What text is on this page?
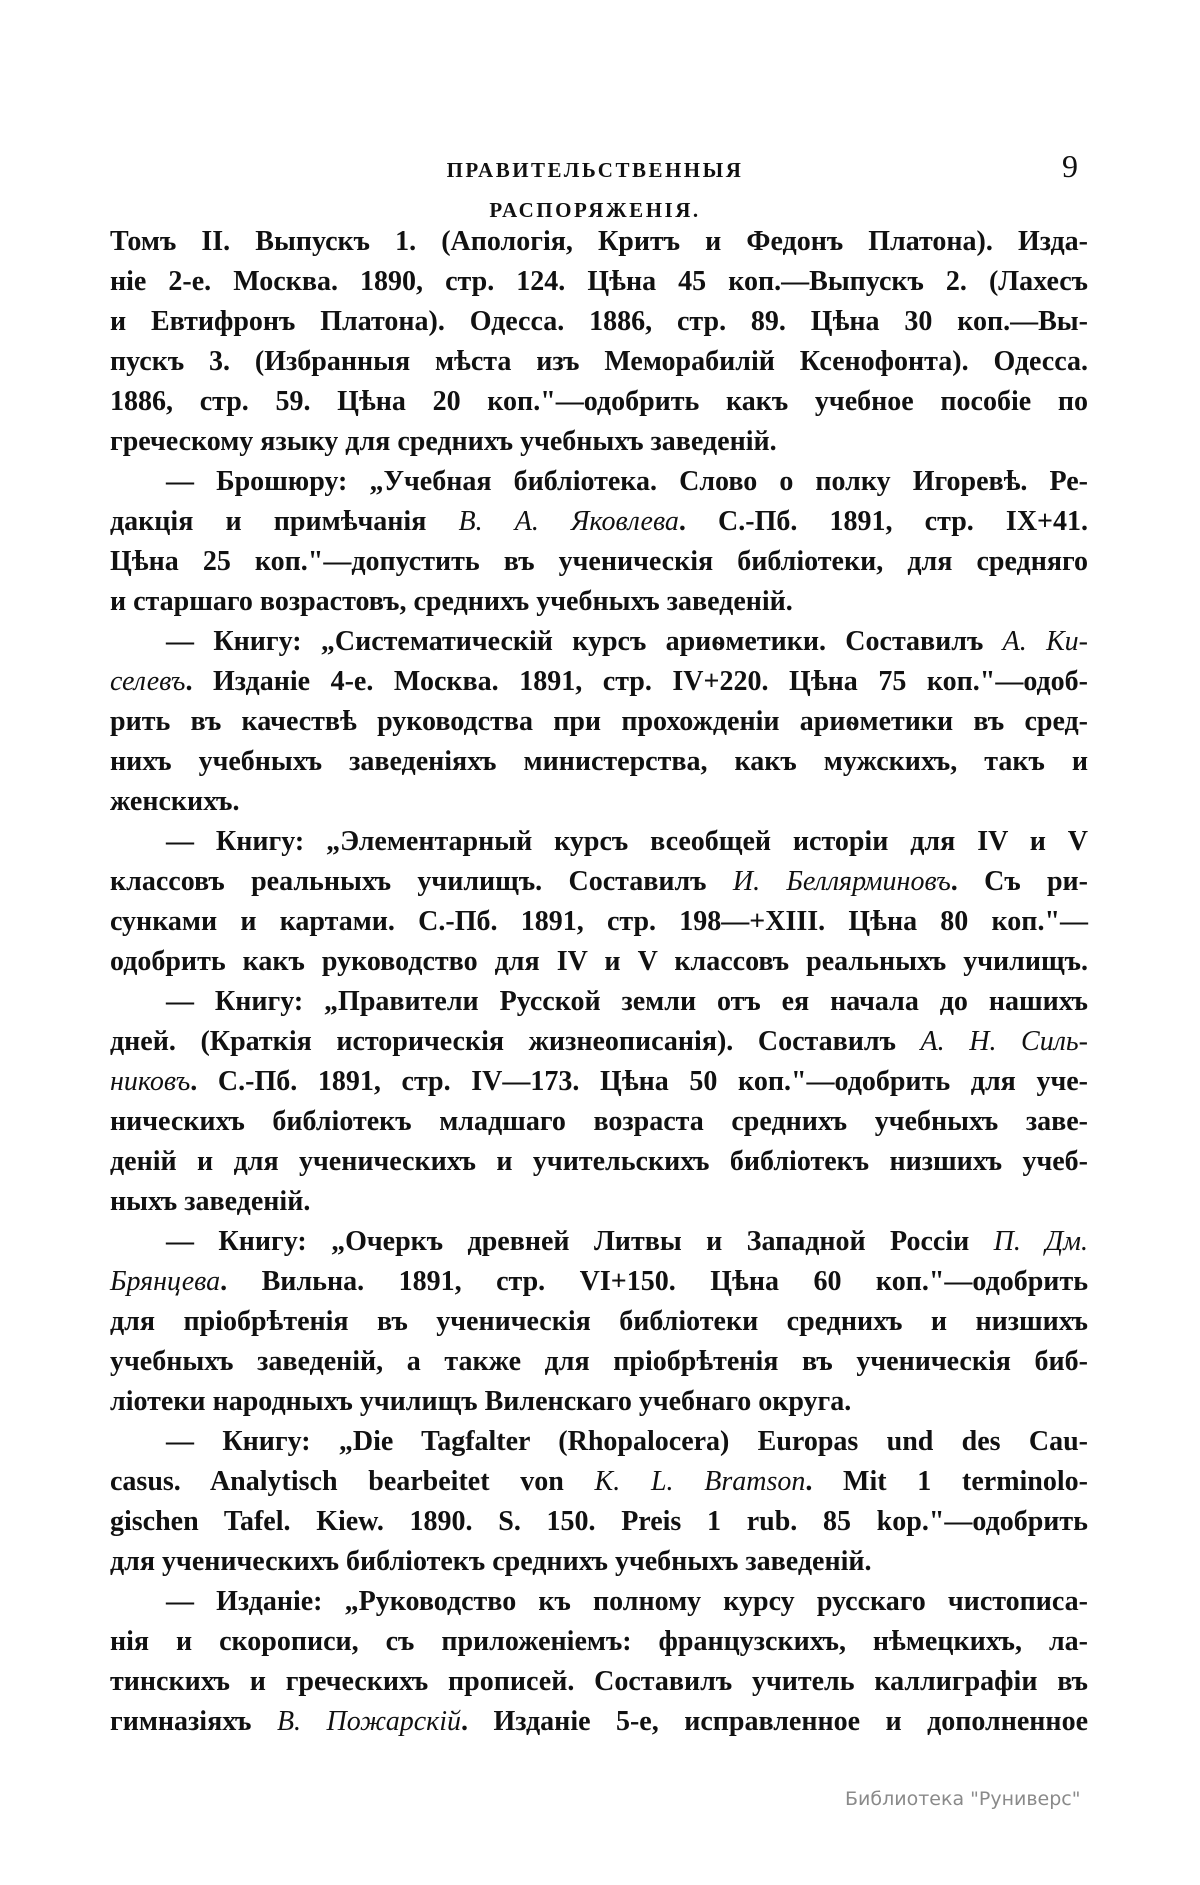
ПРАВИТЕЛЬСТВЕННЫЯ РАСПОРЯЖЕНІЯ.
9
Томъ II. Выпускъ 1. (Апологія, Критъ и Федонъ Платона). Изда-
ніе 2-е. Москва. 1890, стр. 124. Цѣна 45 коп.—Выпускъ 2. (Лахесъ
и Евтифронъ Платона). Одесса. 1886, стр. 89. Цѣна 30 коп.—Вы-
пускъ 3. (Избранныя мѣста изъ Меморабилій Ксенофонта). Одесса.
1886, стр. 59. Цѣна 20 коп."—одобрить какъ учебное пособіе по
греческому языку для среднихъ учебныхъ заведеній.
— Брошюру: „Учебная библіотека. Слово о полку Игоревѣ. Ре-
дакція и примѣчанія В. А. Яковлева. С.-Пб. 1891, стр. IX+41.
Цѣна 25 коп."—допустить въ ученическія библіотеки, для средняго
и старшаго возрастовъ, среднихъ учебныхъ заведеній.
— Книгу: „Систематическій курсъ ариѳметики. Составилъ А. Ки-
селевъ. Изданіе 4-е. Москва. 1891, стр. IV+220. Цѣна 75 коп."—одоб-
рить въ качествѣ руководства при прохожденіи ариѳметики въ сред-
нихъ учебныхъ заведеніяхъ министерства, какъ мужскихъ, такъ и
женскихъ.
— Книгу: „Элементарный курсъ всеобщей исторіи для IV и V
классовъ реальныхъ училищъ. Составилъ И. Беллярминовъ. Съ ри-
сунками и картами. С.-Пб. 1891, стр. 198—+XIII. Цѣна 80 коп."—
одобрить какъ руководство для IV и V классовъ реальныхъ училищъ.
— Книгу: „Правители Русской земли отъ ея начала до нашихъ
дней. (Краткія историческія жизнеописанія). Составилъ А. Н. Силь-
никовъ. С.-Пб. 1891, стр. IV—173. Цѣна 50 коп."—одобрить для уче-
ническихъ библіотекъ младшаго возраста среднихъ учебныхъ заве-
деній и для ученическихъ и учительскихъ библіотекъ низшихъ учеб-
ныхъ заведеній.
— Книгу: „Очеркъ древней Литвы и Западной Россіи П. Дм.
Брянцева. Вильна. 1891, стр. VI+150. Цѣна 60 коп."—одобрить
для пріобрѣтенія въ ученическія библіотеки среднихъ и низшихъ
учебныхъ заведеній, а также для пріобрѣтенія въ ученическія биб-
ліотеки народныхъ училищъ Виленскаго учебнаго округа.
— Книгу: „Die Tagfalter (Rhopalocera) Europas und des Cau-
casus. Analytisch bearbeitet von K. L. Bramson. Mit 1 terminolo-
gischen Tafel. Kiew. 1890. S. 150. Preis 1 rub. 85 kop."—одобрить
для ученическихъ библіотекъ среднихъ учебныхъ заведеній.
— Изданіе: „Руководство къ полному курсу русскаго чистописа-
нія и скорописи, съ приложеніемъ: французскихъ, нѣмецкихъ, ла-
тинскихъ и греческихъ прописей. Составилъ учитель каллиграфіи въ
гимназіяхъ В. Пожарскій. Изданіе 5-е, исправленное и дополненное
Библиотека "Руниверс"
